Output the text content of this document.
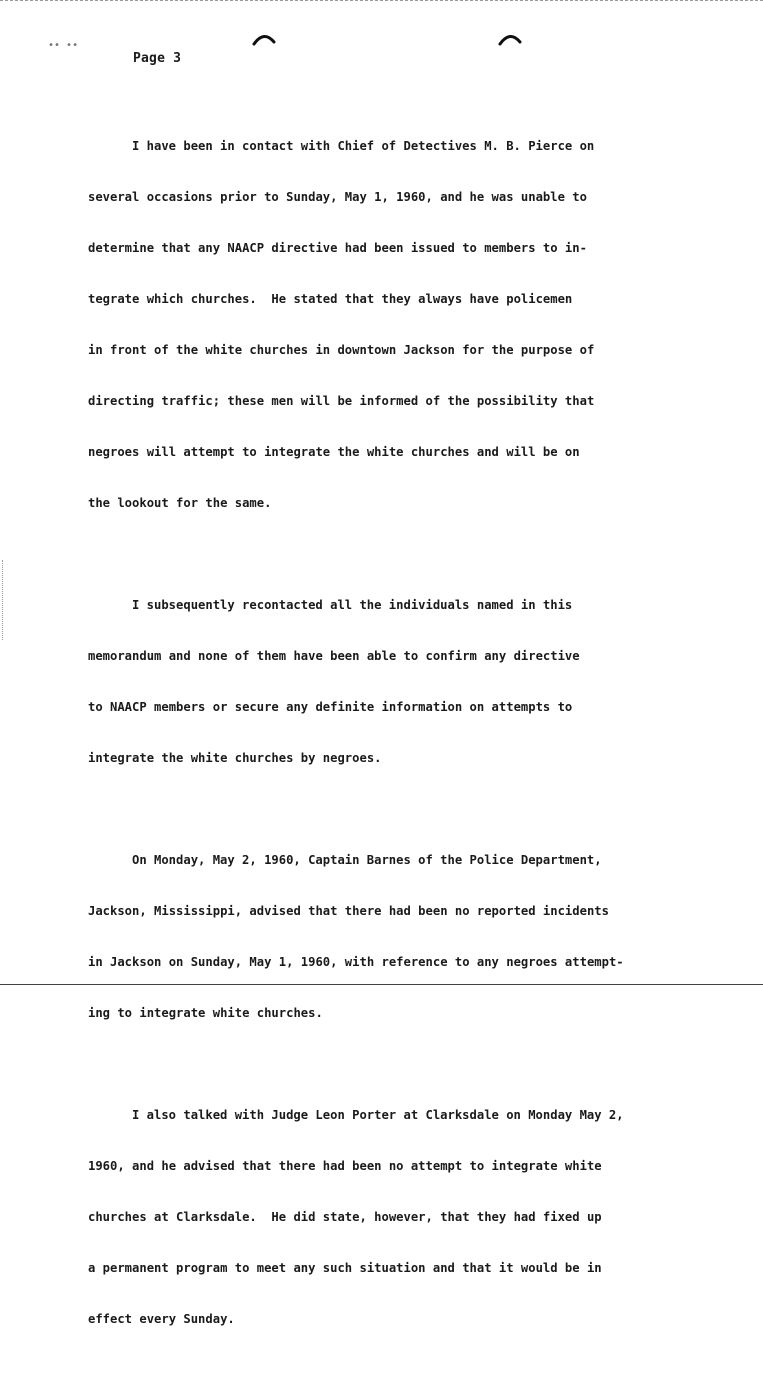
•• ••
Page 3

I have been in contact with Chief of Detectives M. B. Pierce on

several occasions prior to Sunday, May 1, 1960, and he was unable to

determine that any NAACP directive had been issued to members to in-

tegrate which churches.  He stated that they always have policemen

in front of the white churches in downtown Jackson for the purpose of

directing traffic; these men will be informed of the possibility that

negroes will attempt to integrate the white churches and will be on

the lookout for the same.

I subsequently recontacted all the individuals named in this

memorandum and none of them have been able to confirm any directive

to NAACP members or secure any definite information on attempts to

integrate the white churches by negroes.

On Monday, May 2, 1960, Captain Barnes of the Police Department,

Jackson, Mississippi, advised that there had been no reported incidents

in Jackson on Sunday, May 1, 1960, with reference to any negroes attempt-

ing to integrate white churches.

I also talked with Judge Leon Porter at Clarksdale on Monday May 2,

1960, and he advised that there had been no attempt to integrate white

churches at Clarksdale.  He did state, however, that they had fixed up

a permanent program to meet any such situation and that it would be in

effect every Sunday.
